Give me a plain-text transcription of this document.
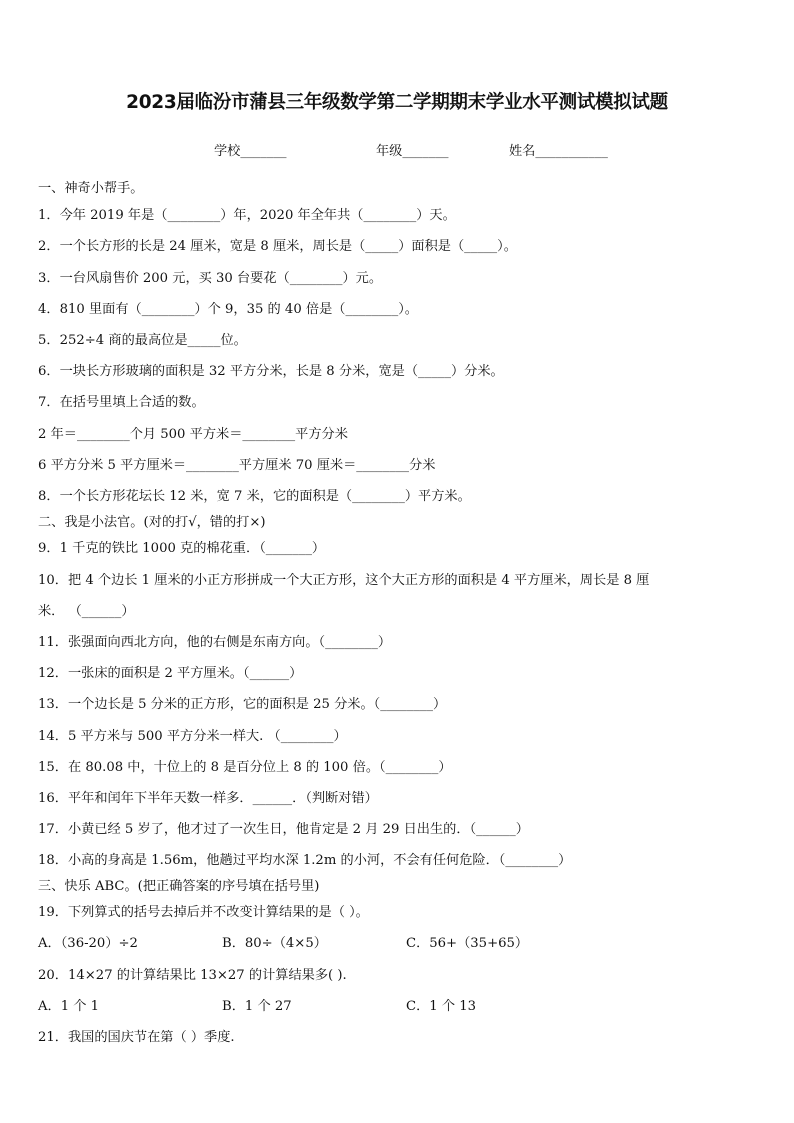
2023届临汾市蒲县三年级数学第二学期期末学业水平测试模拟试题
学校_______	年级_______	姓名___________
一、神奇小帮手。
1．今年 2019 年是（________）年，2020 年全年共（________）天。
2．一个长方形的长是 24 厘米，宽是 8 厘米，周长是（_____）面积是（_____）。
3．一台风扇售价 200 元，买 30 台要花（________）元。
4．810 里面有（________）个 9，35 的 40 倍是（________）。
5．252÷4 商的最高位是_____位。
6．一块长方形玻璃的面积是 32 平方分米，长是 8 分米，宽是（_____）分米。
7．在括号里填上合适的数。
2 年＝________个月 500 平方米＝________平方分米
6 平方分米 5 平方厘米＝________平方厘米 70 厘米＝________分米
8．一个长方形花坛长 12 米，宽 7 米，它的面积是（________）平方米。
二、我是小法官。(对的打√，错的打×)
9．1 千克的铁比 1000 克的棉花重．（_______）
10．把 4 个边长 1 厘米的小正方形拼成一个大正方形，这个大正方形的面积是 4 平方厘米，周长是 8 厘
米． （______）
11．张强面向西北方向，他的右侧是东南方向。（________）
12．一张床的面积是 2 平方厘米。（______）
13．一个边长是 5 分米的正方形，它的面积是 25 分米。（________）
14．5 平方米与 500 平方分米一样大. （________）
15．在 80.08 中，十位上的 8 是百分位上 8 的 100 倍。（________）
16．平年和闰年下半年天数一样多．______．（判断对错）
17．小黄已经 5 岁了，他才过了一次生日，他肯定是 2 月 29 日出生的．（______）
18．小高的身高是 1.56m，他趟过平均水深 1.2m 的小河，不会有任何危险．（________）
三、快乐 ABC。(把正确答案的序号填在括号里)
19．下列算式的括号去掉后并不改变计算结果的是（ ）。
A．（36-20）÷2	B．80÷（4×5）	C．56+（35+65）
20．14×27 的计算结果比 13×27 的计算结果多( ).
A．1 个 1	B．1 个 27	C．1 个 13
21．我国的国庆节在第（ ）季度.
